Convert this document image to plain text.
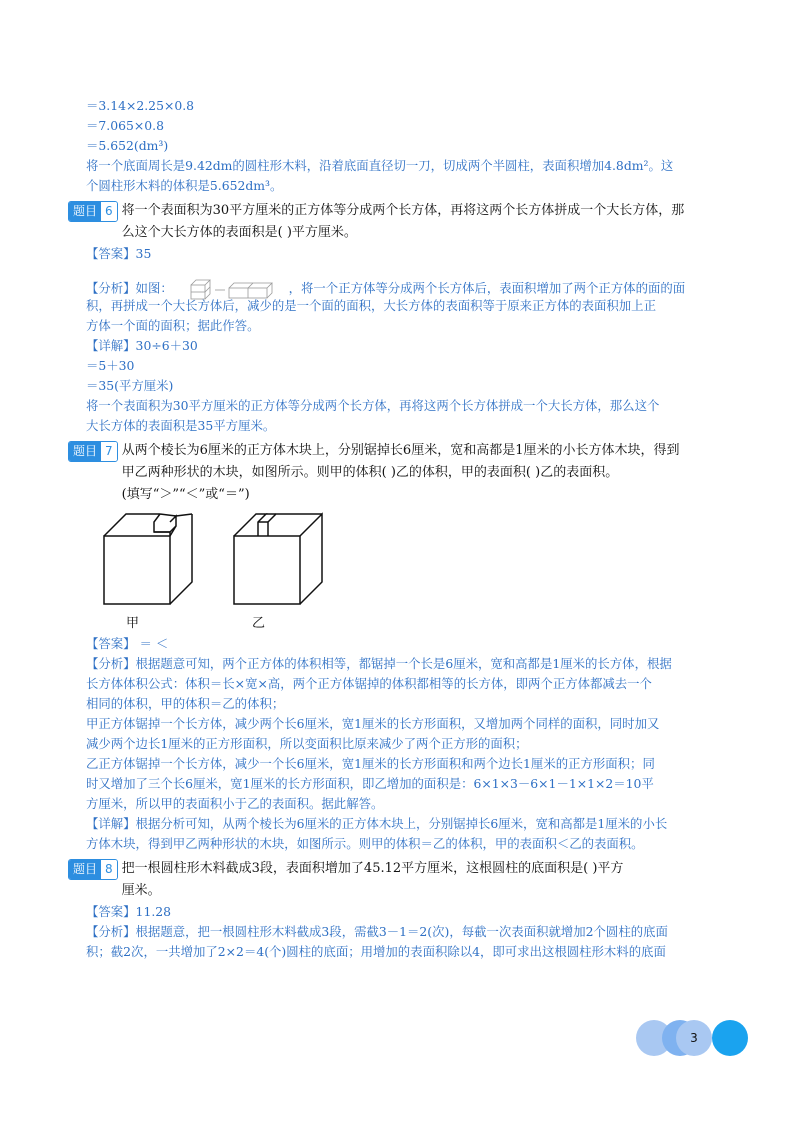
＝3.14×2.25×0.8
＝7.065×0.8
＝5.652(dm³)
将一个底面周长是9.42dm的圆柱形木料，沿着底面直径切一刀，切成两个半圆柱，表面积增加4.8dm²。这
个圆柱形木料的体积是5.652dm³。
题目 6 将一个表面积为30平方厘米的正方体等分成两个长方体，再将这两个长方体拼成一个大长方体，那
么这个大长方体的表面积是( )平方厘米。
【答案】35
【分析】如图：	，将一个正方体等分成两个长方体后，表面积增加了两个正方体的面的面
积，再拼成一个大长方体后，减少的是一个面的面积，大长方体的表面积等于原来正方体的表面积加上正
方体一个面的面积；据此作答。
【详解】30÷6＋30
＝5＋30
＝35(平方厘米)
将一个表面积为30平方厘米的正方体等分成两个长方体，再将这两个长方体拼成一个大长方体，那么这个
大长方体的表面积是35平方厘米。
题目 7 从两个棱长为6厘米的正方体木块上，分别锯掉长6厘米，宽和高都是1厘米的小长方体木块，得到
甲乙两种形状的木块，如图所示。则甲的体积( )乙的体积，甲的表面积( )乙的表面积。
(填写“＞”“＜”或“＝”)
甲	乙
【答案】 ＝ ＜
【分析】根据题意可知，两个正方体的体积相等，都锯掉一个长是6厘米，宽和高都是1厘米的长方体，根据
长方体体积公式：体积＝长×宽×高，两个正方体锯掉的体积都相等的长方体，即两个正方体都减去一个
相同的体积，甲的体积＝乙的体积；
甲正方体锯掉一个长方体，减少两个长6厘米，宽1厘米的长方形面积，又增加两个同样的面积，同时加又
减少两个边长1厘米的正方形面积，所以变面积比原来减少了两个正方形的面积；
乙正方体锯掉一个长方体，减少一个长6厘米，宽1厘米的长方形面积和两个边长1厘米的正方形面积；同
时又增加了三个长6厘米，宽1厘米的长方形面积，即乙增加的面积是：6×1×3－6×1－1×1×2＝10平
方厘米，所以甲的表面积小于乙的表面积。据此解答。
【详解】根据分析可知，从两个棱长为6厘米的正方体木块上，分别锯掉长6厘米，宽和高都是1厘米的小长
方体木块，得到甲乙两种形状的木块，如图所示。则甲的体积＝乙的体积，甲的表面积＜乙的表面积。
题目 8 把一根圆柱形木料截成3段，表面积增加了45.12平方厘米，这根圆柱的底面积是( )平方
厘米。
【答案】11.28
【分析】根据题意，把一根圆柱形木料截成3段，需截3－1＝2(次)，每截一次表面积就增加2个圆柱的底面
积；截2次，一共增加了2×2＝4(个)圆柱的底面；用增加的表面积除以4，即可求出这根圆柱形木料的底面
3
